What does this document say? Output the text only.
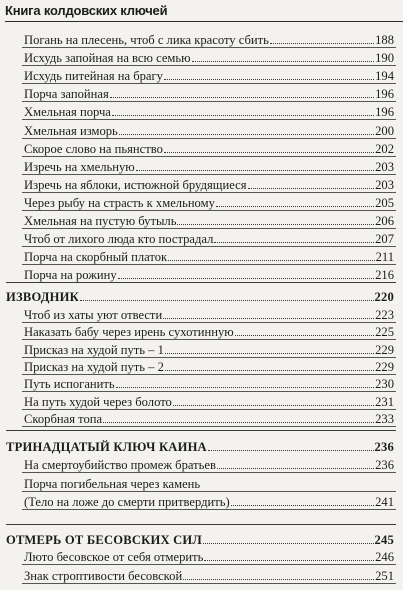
Книга колдовских ключей
Погань на плесень, чтоб с лика красоту сбить	188
Исхудь запойная на всю семью	190
Исхудь питейная на брагу	194
Порча запойная	196
Хмельная порча	196
Хмельная изморь	200
Скорое слово на пьянство	202
Изречь на хмельную	203
Изречь на яблоки, истюжной брудящиеся	203
Через рыбу на страсть к хмельному	205
Хмельная на пустую бутыль	206
Чтоб от лихого люда кто пострадал	207
Порча на скорбный платок	211
Порча на рожину	216
ИЗВОДНИК	220
Чтоб из хаты уют отвести	223
Наказать бабу через ирень сухотинную	225
Присказ на худой путь – 1	229
Присказ на худой путь – 2	229
Путь испоганить	230
На путь худой через болото	231
Скорбная топа	233
ТРИНАДЦАТЫЙ КЛЮЧ КАИНА	236
На смертоубийство промеж братьев	236
Порча погибельная через камень
(Тело на ложе до смерти притвердить)	241
ОТМЕРЬ ОТ БЕСОВСКИХ СИЛ	245
Люто бесовское от себя отмерить	246
Знак строптивости бесовской	251
